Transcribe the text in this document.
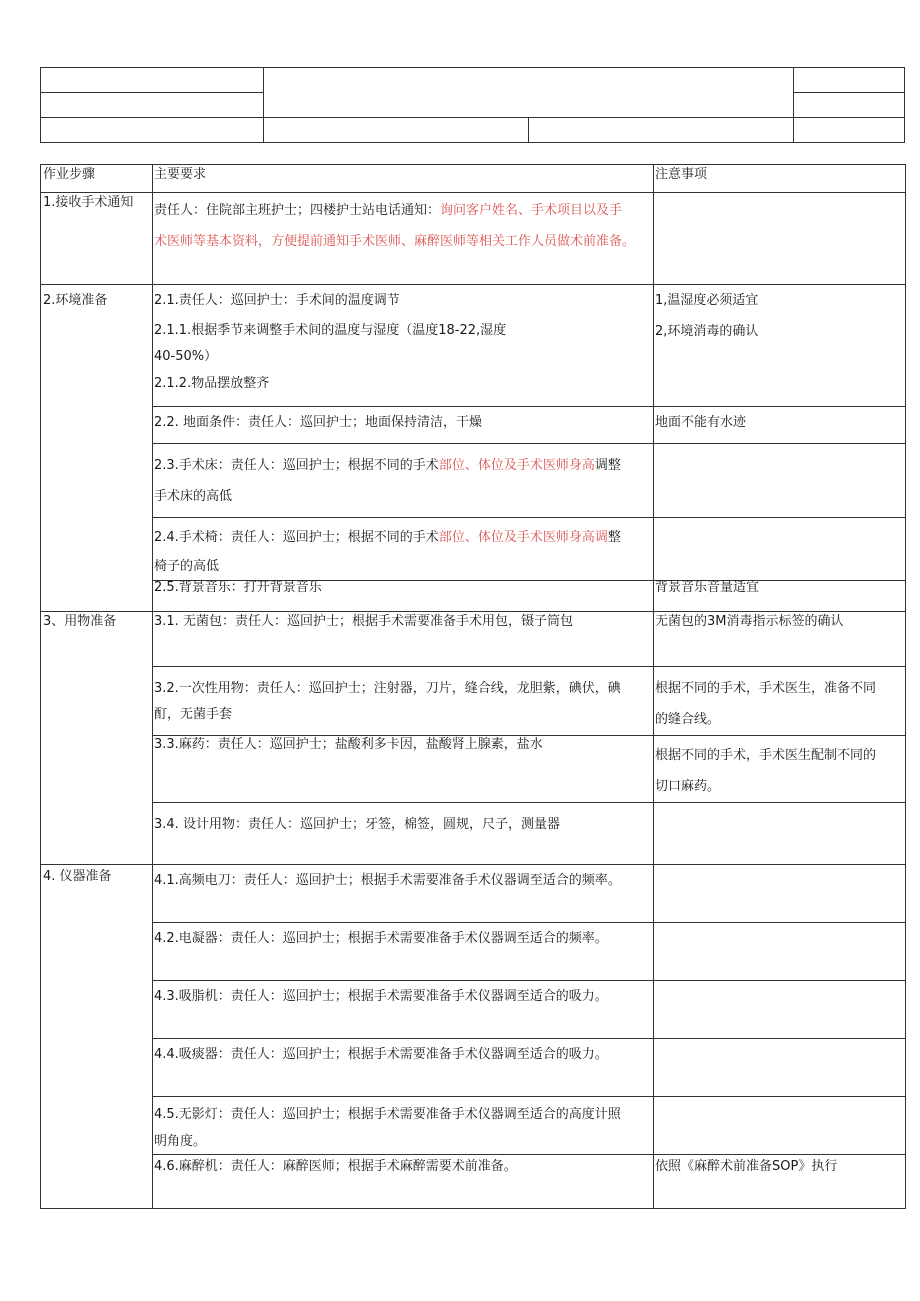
作业步骤	主要要求	注意事项
1.接收手术通知	责任人：住院部主班护士；四楼护士站电话通知：询问客户姓名、手术项目以及手
术医师等基本资料，方便提前通知手术医师、麻醉医师等相关工作人员做术前准备。	

2.环境准备	2.1.责任人：巡回护士：手术间的温度调节
2.1.1.根据季节来调整手术间的温度与湿度（温度18-22,湿度
40-50%）
2.1.2.物品摆放整齐	1,温湿度必须适宜
2,环境消毒的确认

	2.2. 地面条件：责任人：巡回护士；地面保持清洁，干燥	地面不能有水迹

	2.3.手术床：责任人：巡回护士；根据不同的手术部位、体位及手术医师身高调整
手术床的高低	

	2.4.手术椅：责任人：巡回护士；根据不同的手术部位、体位及手术医师身高调整
椅子的高低	

	2.5.背景音乐：打开背景音乐	背景音乐音量适宜
3、用物准备	3.1. 无菌包：责任人：巡回护士；根据手术需要准备手术用包，镊子筒包	无菌包的3M消毒指示标签的确认

	3.2.一次性用物：责任人：巡回护士；注射器，刀片，缝合线，龙胆紫，碘伏，碘
酊，无菌手套	根据不同的手术，手术医生，准备不同
的缝合线。

	3.3.麻药：责任人：巡回护士；盐酸利多卡因，盐酸肾上腺素，盐水	根据不同的手术，手术医生配制不同的
切口麻药。

	3.4. 设计用物：责任人：巡回护士；牙签，棉签，圆规，尺子，测量器	
4. 仪器准备	4.1.高频电刀：责任人：巡回护士；根据手术需要准备手术仪器调至适合的频率。	
	4.2.电凝器：责任人：巡回护士；根据手术需要准备手术仪器调至适合的频率。	
	4.3.吸脂机：责任人：巡回护士；根据手术需要准备手术仪器调至适合的吸力。	
	4.4.吸痰器：责任人：巡回护士；根据手术需要准备手术仪器调至适合的吸力。	

	4.5.无影灯：责任人：巡回护士；根据手术需要准备手术仪器调至适合的高度计照
明角度。	

	4.6.麻醉机：责任人：麻醉医师；根据手术麻醉需要术前准备。	依照《麻醉术前准备SOP》执行
